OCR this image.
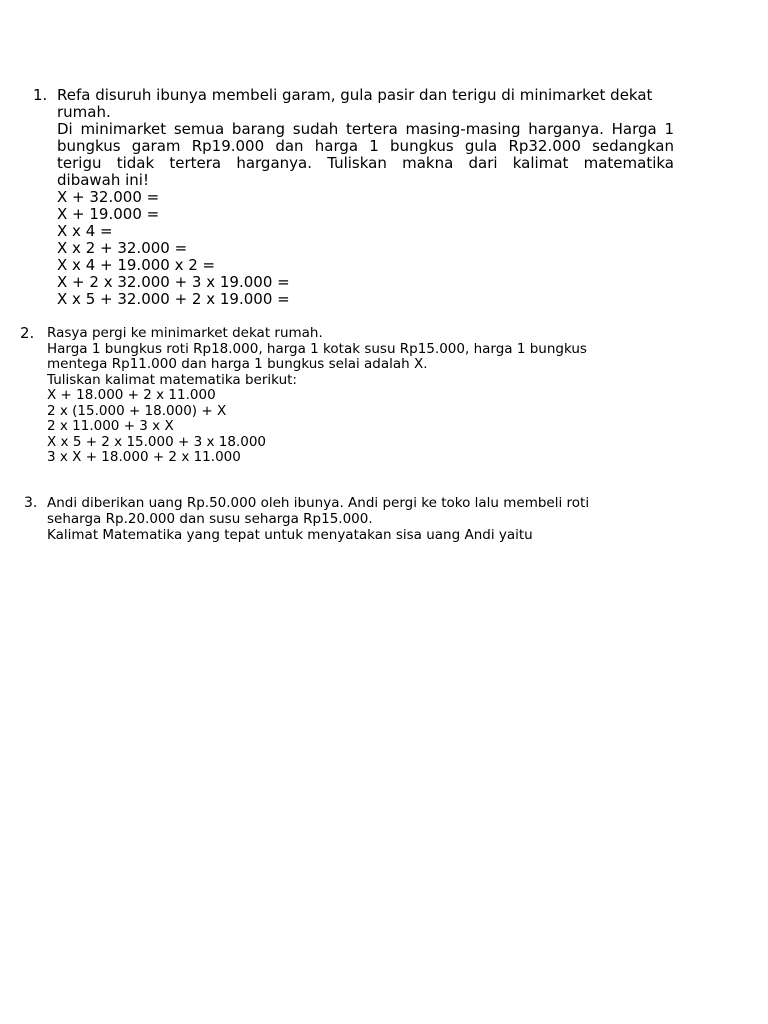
1. Refa disuruh ibunya membeli garam, gula pasir dan terigu di minimarket dekat
rumah.
Di minimarket semua barang sudah tertera masing-masing harganya. Harga 1
bungkus garam Rp19.000 dan harga 1 bungkus gula Rp32.000 sedangkan
terigu tidak tertera harganya. Tuliskan makna dari kalimat matematika
dibawah ini!
X + 32.000 =
X + 19.000 =
X x 4 =
X x 2 + 32.000 =
X x 4 + 19.000 x 2 =
X + 2 x 32.000 + 3 x 19.000 =
X x 5 + 32.000 + 2 x 19.000 =
2. Rasya pergi ke minimarket dekat rumah.
Harga 1 bungkus roti Rp18.000, harga 1 kotak susu Rp15.000, harga 1 bungkus
mentega Rp11.000 dan harga 1 bungkus selai adalah X.
Tuliskan kalimat matematika berikut:
X + 18.000 + 2 x 11.000
2 x (15.000 + 18.000) + X
2 x 11.000 + 3 x X
X x 5 + 2 x 15.000 + 3 x 18.000
3 x X + 18.000 + 2 x 11.000
3. Andi diberikan uang Rp.50.000 oleh ibunya. Andi pergi ke toko lalu membeli roti
seharga Rp.20.000 dan susu seharga Rp15.000.
Kalimat Matematika yang tepat untuk menyatakan sisa uang Andi yaitu
